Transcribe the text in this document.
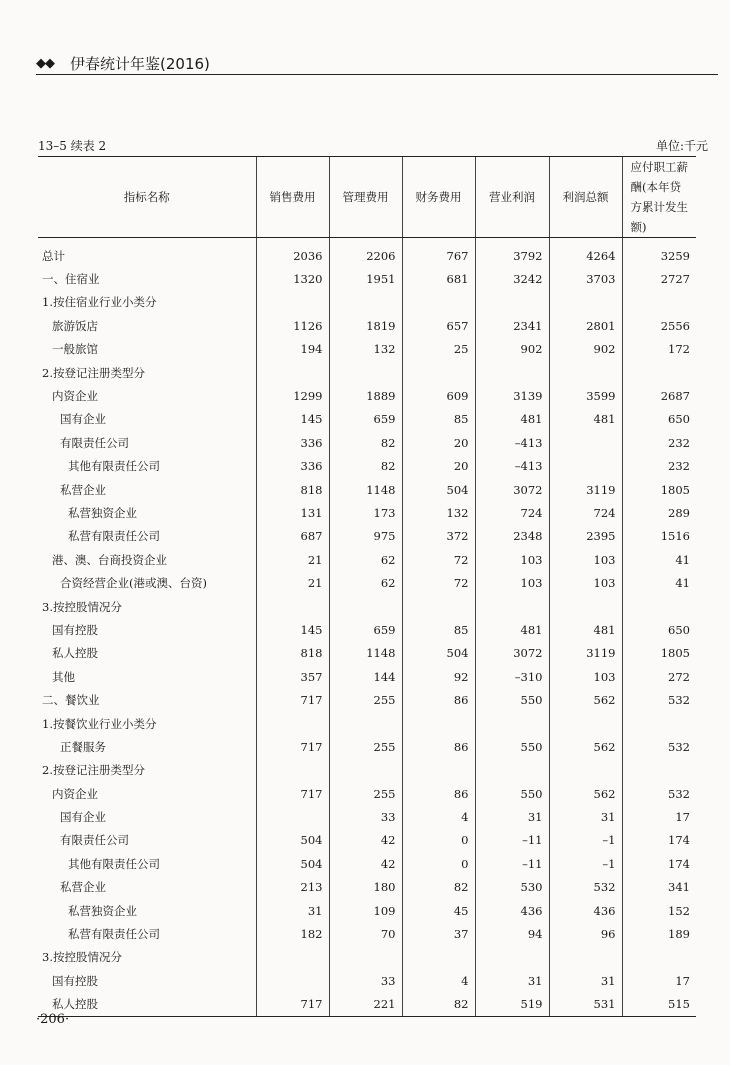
◆◆ 伊春统计年鉴(2016)
13–5 续表 2	单位:千元
指标名称	销售费用	管理费用	财务费用	营业利润	利润总额	应付职工薪酬(本年贷方累计发生额)
总计	2036	2206	767	3792	4264	3259
一、住宿业	1320	1951	681	3242	3703	2727
1.按住宿业行业小类分						
旅游饭店	1126	1819	657	2341	2801	2556
一般旅馆	194	132	25	902	902	172
2.按登记注册类型分						
内资企业	1299	1889	609	3139	3599	2687
国有企业	145	659	85	481	481	650
有限责任公司	336	82	20	–413		232
其他有限责任公司	336	82	20	–413		232
私营企业	818	1148	504	3072	3119	1805
私营独资企业	131	173	132	724	724	289
私营有限责任公司	687	975	372	2348	2395	1516
港、澳、台商投资企业	21	62	72	103	103	41
合资经营企业(港或澳、台资)	21	62	72	103	103	41
3.按控股情况分						
国有控股	145	659	85	481	481	650
私人控股	818	1148	504	3072	3119	1805
其他	357	144	92	–310	103	272
二、餐饮业	717	255	86	550	562	532
1.按餐饮业行业小类分						
正餐服务	717	255	86	550	562	532
2.按登记注册类型分						
内资企业	717	255	86	550	562	532
国有企业		33	4	31	31	17
有限责任公司	504	42	0	–11	–1	174
其他有限责任公司	504	42	0	–11	–1	174
私营企业	213	180	82	530	532	341
私营独资企业	31	109	45	436	436	152
私营有限责任公司	182	70	37	94	96	189
3.按控股情况分						
国有控股		33	4	31	31	17
私人控股	717	221	82	519	531	515
·206·
